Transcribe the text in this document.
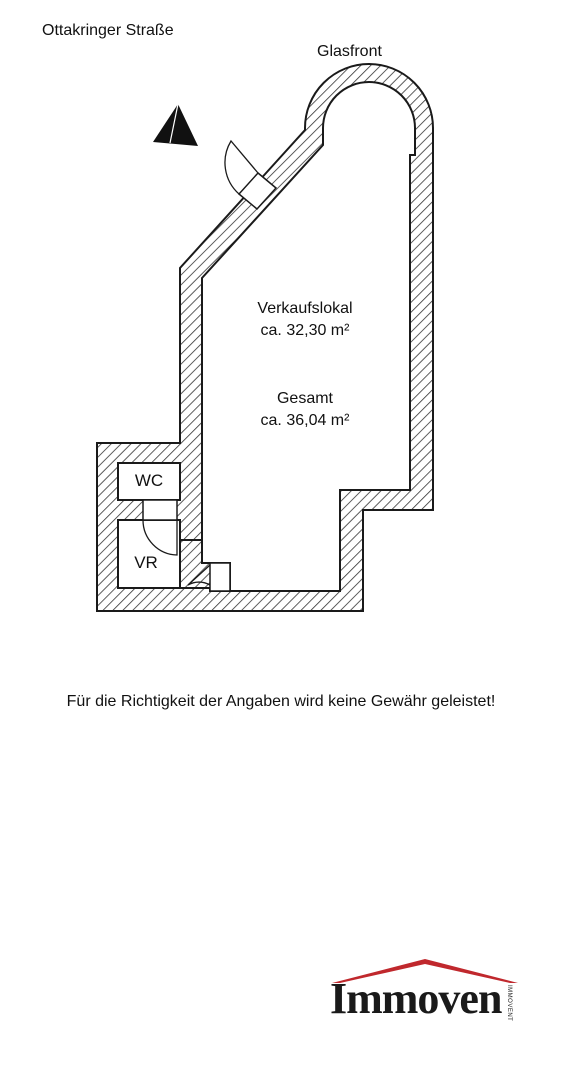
Ottakringer Straße
Glasfront
Verkaufslokal
ca. 32,30 m²
Gesamt
ca. 36,04 m²
WC
VR
Für die Richtigkeit der Angaben wird keine Gewähr geleistet!
Immoven IMMOVENT
